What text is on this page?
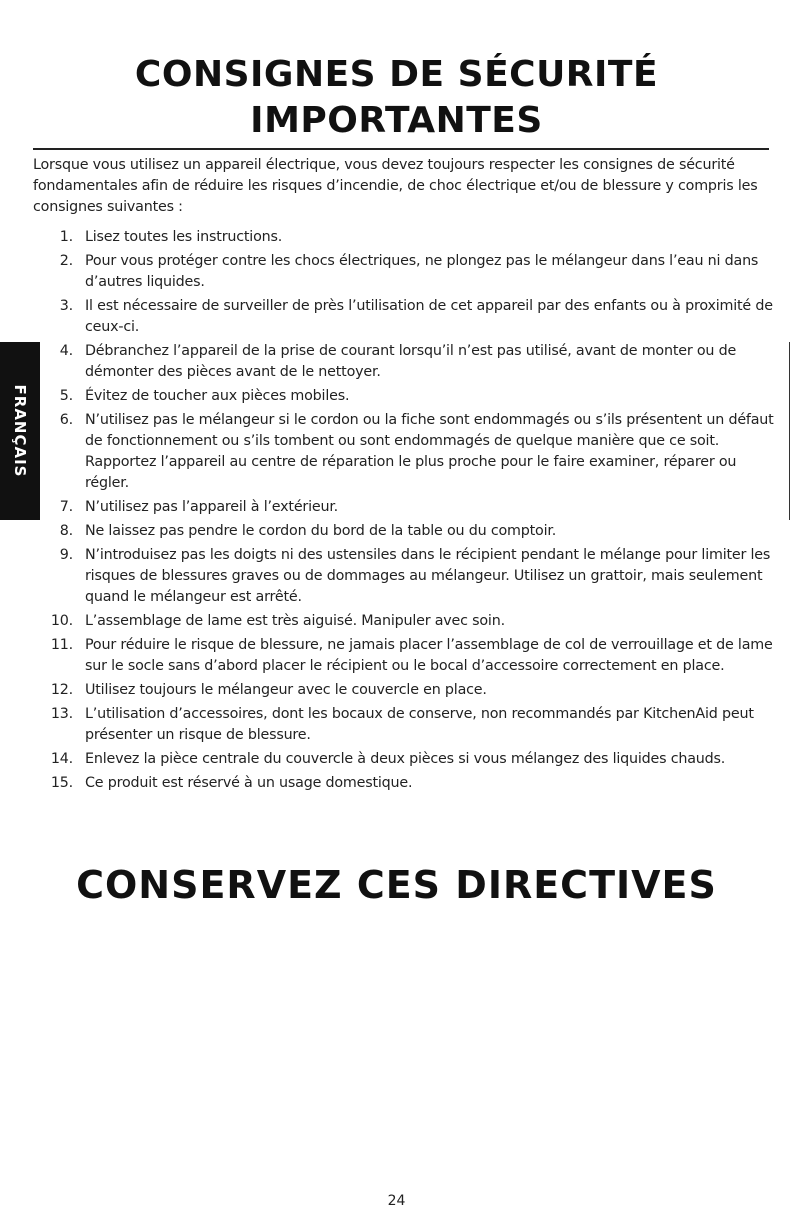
CONSIGNES DE SÉCURITÉ
IMPORTANTES

Lorsque vous utilisez un appareil électrique, vous devez toujours respecter les consignes de sécurité fondamentales afin de réduire les risques d’incendie, de choc électrique et/ou de blessure y compris les consignes suivantes :

1. Lisez toutes les instructions.
2. Pour vous protéger contre les chocs électriques, ne plongez pas le mélangeur dans l’eau ni dans d’autres liquides.
3. Il est nécessaire de surveiller de près l’utilisation de cet appareil par des enfants ou à proximité de ceux-ci.
4. Débranchez l’appareil de la prise de courant lorsqu’il n’est pas utilisé, avant de monter ou de démonter des pièces avant de le nettoyer.
5. Évitez de toucher aux pièces mobiles.
6. N’utilisez pas le mélangeur si le cordon ou la fiche sont endommagés ou s’ils présentent un défaut de fonctionnement ou s’ils tombent ou sont endommagés de quelque manière que ce soit. Rapportez l’appareil au centre de réparation le plus proche pour le faire examiner, réparer ou régler.
7. N’utilisez pas l’appareil à l’extérieur.
8. Ne laissez pas pendre le cordon du bord de la table ou du comptoir.
9. N’introduisez pas les doigts ni des ustensiles dans le récipient pendant le mélange pour limiter les risques de blessures graves ou de dommages au mélangeur. Utilisez un grattoir, mais seulement quand le mélangeur est arrêté.
10. L’assemblage de lame est très aiguisé. Manipuler avec soin.
11. Pour réduire le risque de blessure, ne jamais placer l’assemblage de col de verrouillage et de lame sur le socle sans d’abord placer le récipient ou le bocal d’accessoire correctement en place.
12. Utilisez toujours le mélangeur avec le couvercle en place.
13. L’utilisation d’accessoires, dont les bocaux de conserve, non recommandés par KitchenAid peut présenter un risque de blessure.
14. Enlevez la pièce centrale du couvercle à deux pièces si vous mélangez des liquides chauds.
15. Ce produit est réservé à un usage domestique.
CONSERVEZ CES DIRECTIVES
FRANÇAIS
24
